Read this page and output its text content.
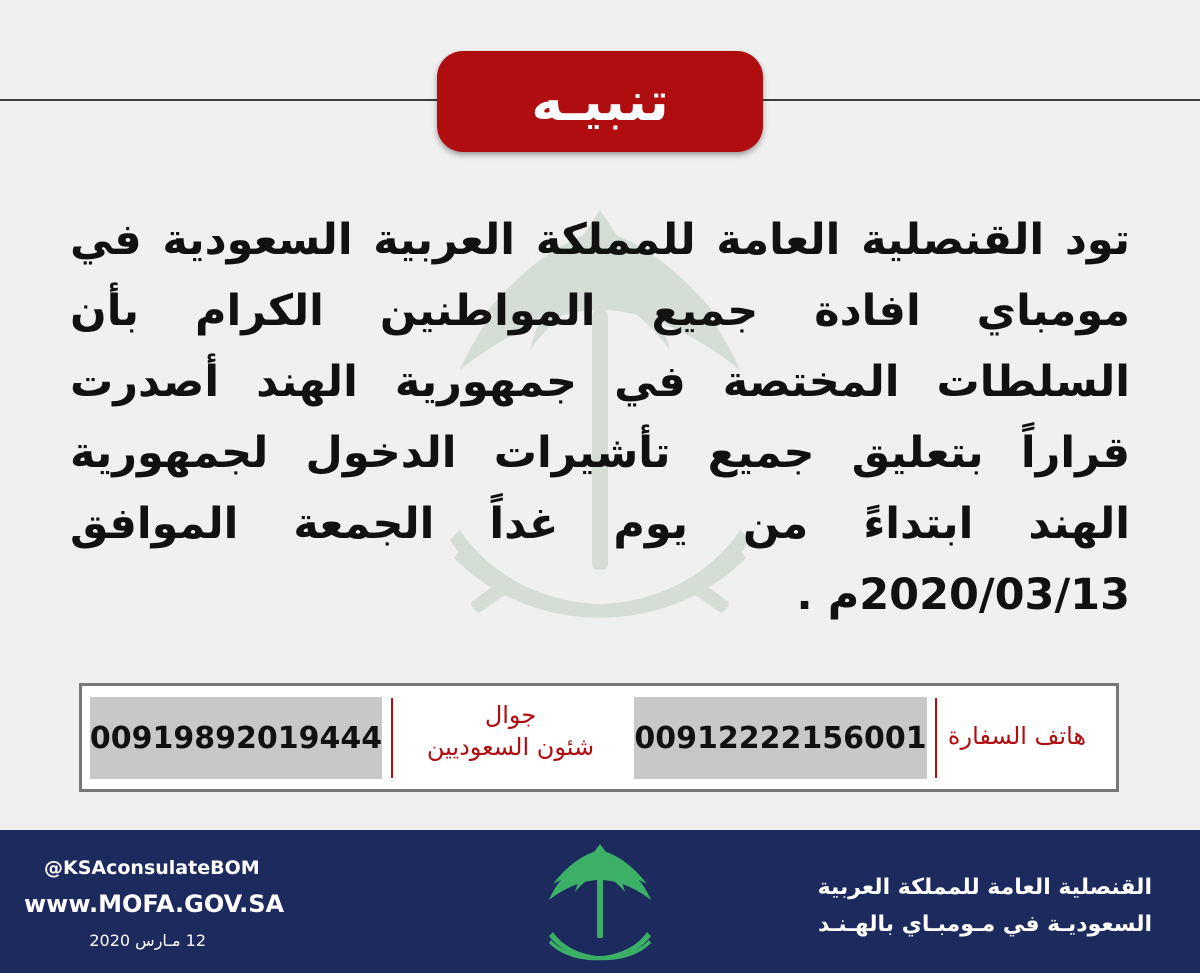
تنبيـه
تود القنصلية العامة للمملكة العربية السعودية في مومباي افادة جميع المواطنين الكرام بأن السلطات المختصة في جمهورية الهند أصدرت قراراً بتعليق جميع تأشيرات الدخول لجمهورية الهند ابتداءً من يوم غداً الجمعة الموافق 2020/03/13م .
هاتف السفارة
00912222156001
جوال
شئون السعوديين
00919892019444
@KSAconsulateBOM
www.MOFA.GOV.SA
12 مـارس 2020
القنصلية العامة للمملكة العربية
السعوديـة في مـومبـاي بالهـنـد
